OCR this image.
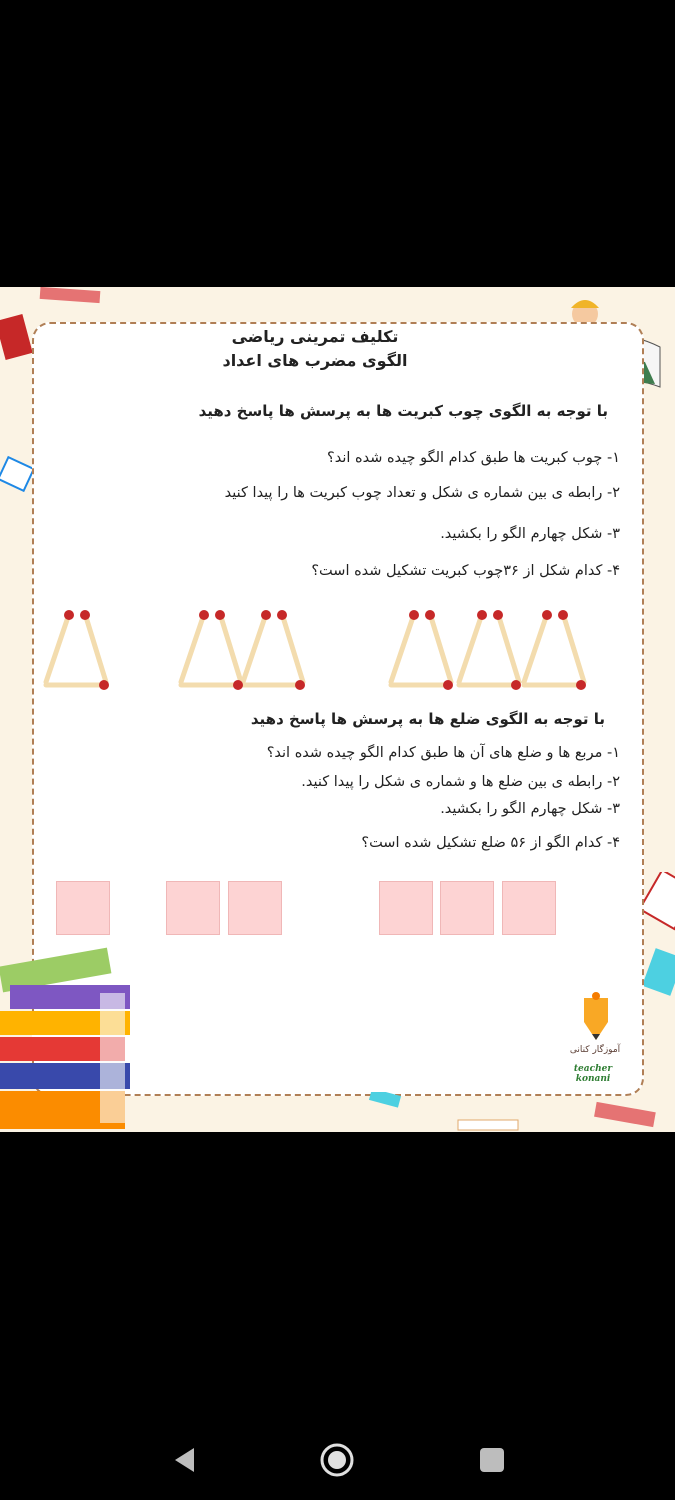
تکلیف تمرینی ریاضی
الگوی مضرب های اعداد
با توجه به الگوی چوب کبریت ها به پرسش ها پاسخ دهید
۱- چوب کبریت ها طبق کدام الگو چیده شده اند؟
۲- رابطه ی بین شماره ی شکل و تعداد چوب کبریت ها را پیدا کنید
۳- شکل چهارم الگو را بکشید.
۴- کدام شکل از ۳۶چوب کبریت تشکیل شده است؟
با توجه به الگوی ضلع ها به پرسش ها پاسخ دهید
۱- مربع ها و ضلع های آن ها طبق کدام الگو چیده شده اند؟
۲- رابطه ی بین ضلع ها و شماره ی شکل را پیدا کنید.
۳- شکل چهارم الگو را بکشید.
۴- کدام الگو از ۵۶ ضلع تشکیل شده است؟
آموزگار کنانی
teacher konani
